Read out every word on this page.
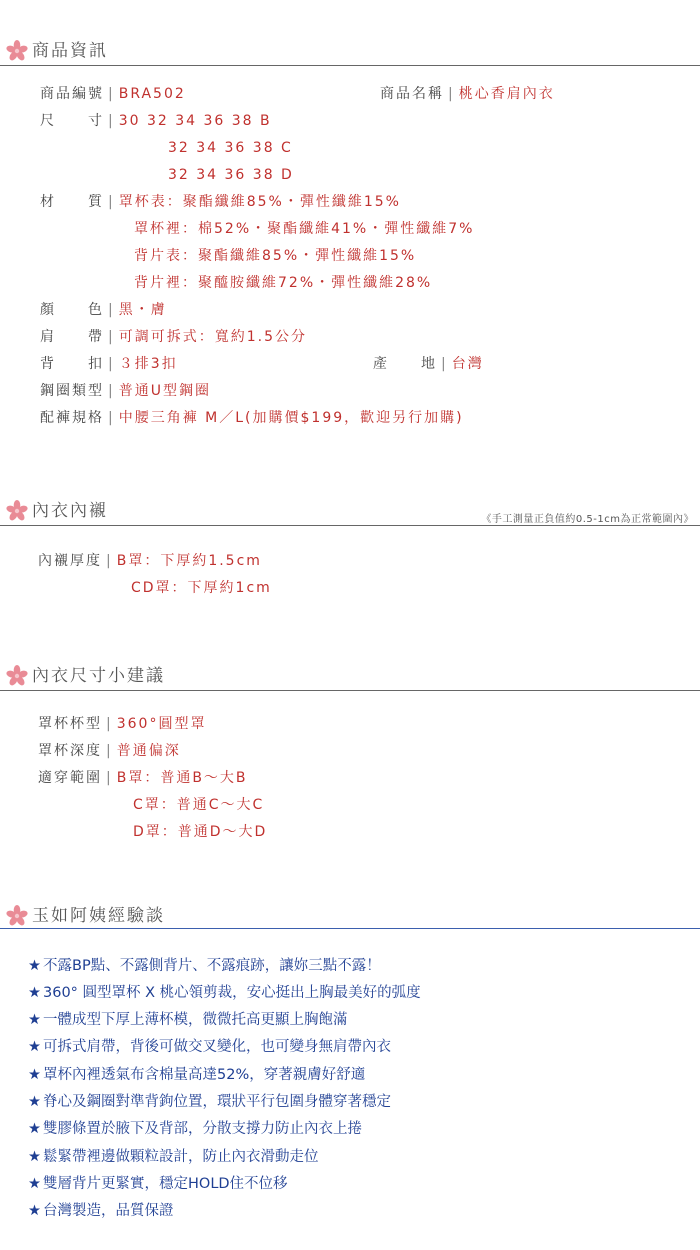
商品資訊
商品編號 | BRA502	商品名稱 | 桃心香肩內衣
尺　　寸 | 30 32 34 36 38 B
32 34 36 38 C
32 34 36 38 D
材　　質 | 罩杯表：聚酯纖維85%・彈性纖維15%
罩杯裡：棉52%・聚酯纖維41%・彈性纖維7%
背片表：聚酯纖維85%・彈性纖維15%
背片裡：聚醯胺纖維72%・彈性纖維28%
顏　　色 | 黑・膚
肩　　帶 | 可調可拆式：寬約1.5公分
背　　扣 | ３排3扣	產　　地 | 台灣
鋼圈類型 | 普通U型鋼圈
配褲規格 | 中腰三角褲 M／L(加購價$199，歡迎另行加購)
內衣內襯	《手工測量正負值約0.5-1cm為正常範圍內》
內襯厚度 | B罩：下厚約1.5cm
CD罩：下厚約1cm
內衣尺寸小建議
罩杯杯型 | 360°圓型罩
罩杯深度 | 普通偏深
適穿範圍 | B罩：普通B～大B
C罩：普通C～大C
D罩：普通D～大D
玉如阿姨經驗談
★ 不露BP點、不露側背片、不露痕跡，讓妳三點不露！
★ 360° 圓型罩杯 X 桃心領剪裁，安心挺出上胸最美好的弧度
★ 一體成型下厚上薄杯模，微微托高更顯上胸飽滿
★ 可拆式肩帶，背後可做交叉變化，也可變身無肩帶內衣
★ 罩杯內裡透氣布含棉量高達52%，穿著親膚好舒適
★ 脊心及鋼圈對準背鉤位置，環狀平行包圍身體穿著穩定
★ 雙膠條置於腋下及背部，分散支撐力防止內衣上捲
★ 鬆緊帶裡邊做顆粒設計，防止內衣滑動走位
★ 雙層背片更緊實，穩定HOLD住不位移
★ 台灣製造，品質保證
